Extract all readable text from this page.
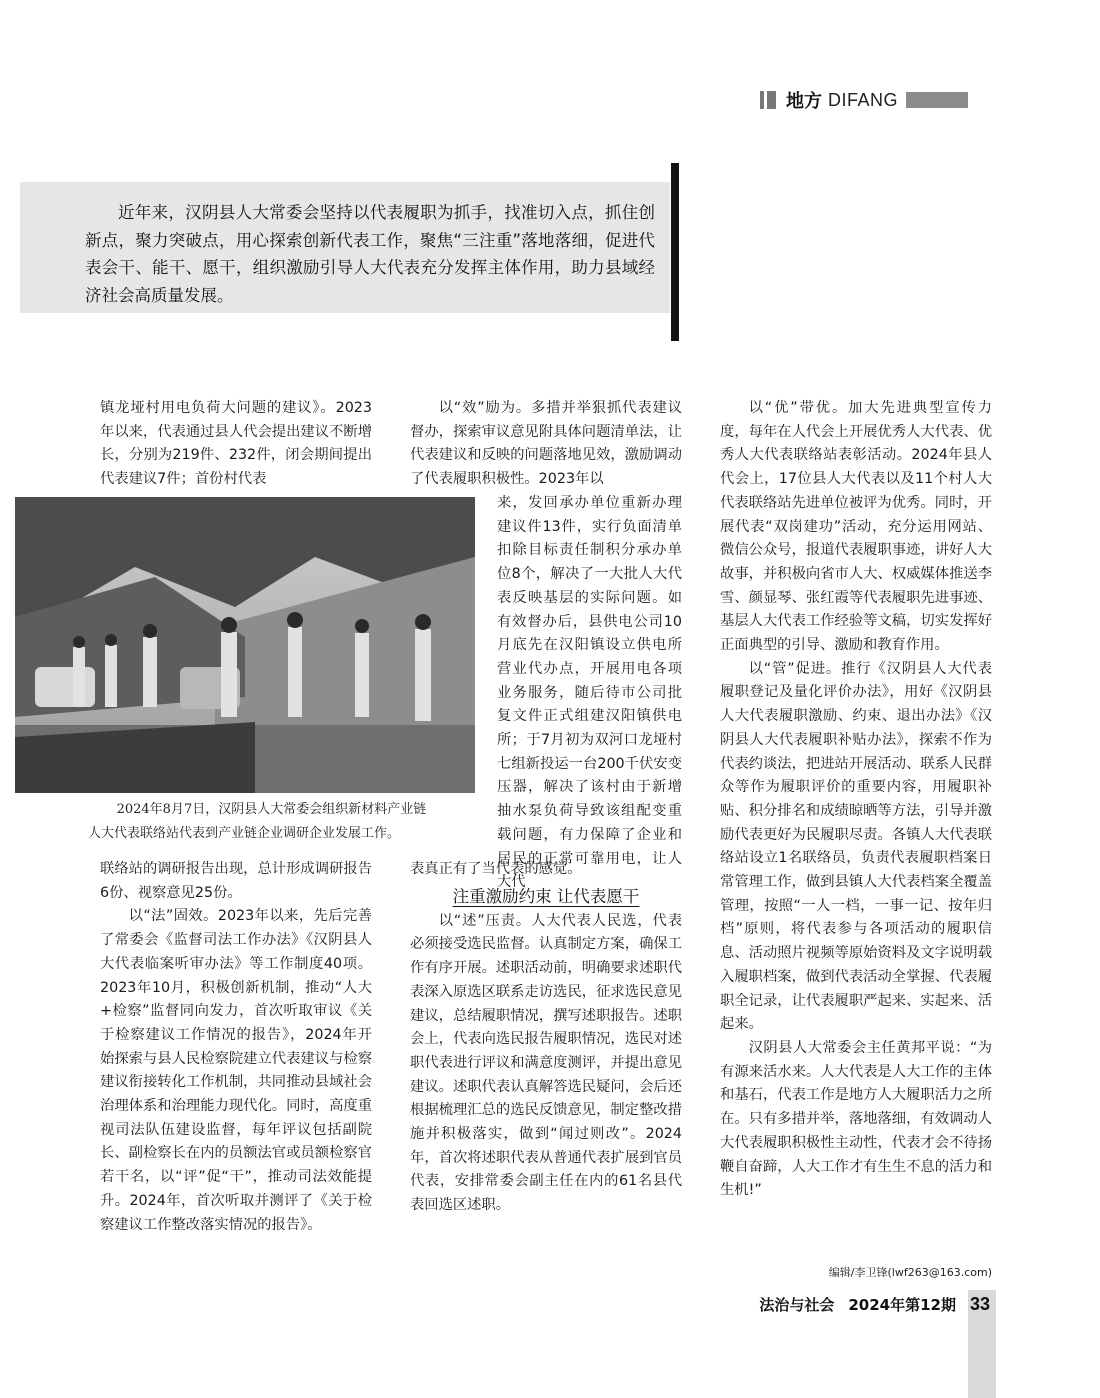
地方 DIFANG
近年来，汉阴县人大常委会坚持以代表履职为抓手，找准切入点，抓住创新点，聚力突破点，用心探索创新代表工作，聚焦“三注重”落地落细，促进代表会干、能干、愿干，组织激励引导人大代表充分发挥主体作用，助力县域经济社会高质量发展。

镇龙垭村用电负荷大问题的建议》。2023年以来，代表通过县人代会提出建议不断增长，分别为219件、232件，闭会期间提出代表建议7件；首份村代表

2024年8月7日，汉阴县人大常委会组织新材料产业链

人大代表联络站代表到产业链企业调研企业发展工作。

联络站的调研报告出现，总计形成调研报告6份、视察意见25份。

以“法”固效。2023年以来，先后完善了常委会《监督司法工作办法》《汉阴县人大代表临案听审办法》等工作制度40项。2023年10月，积极创新机制，推动“人大+检察”监督同向发力，首次听取审议《关于检察建议工作情况的报告》，2024年开始探索与县人民检察院建立代表建议与检察建议衔接转化工作机制，共同推动县域社会治理体系和治理能力现代化。同时，高度重视司法队伍建设监督，每年评议包括副院长、副检察长在内的员额法官或员额检察官若干名，以“评”促“干”，推动司法效能提升。2024年，首次听取并测评了《关于检察建议工作整改落实情况的报告》。

以“效”励为。多措并举狠抓代表建议督办，探索审议意见附具体问题清单法，让代表建议和反映的问题落地见效，激励调动了代表履职积极性。2023年以

来，发回承办单位重新办理建议件13件，实行负面清单扣除目标责任制积分承办单位8个，解决了一大批人大代表反映基层的实际问题。如有效督办后，县供电公司10月底先在汉阳镇设立供电所营业代办点，开展用电各项业务服务，随后待市公司批复文件正式组建汉阳镇供电所；于7月初为双河口龙垭村七组新投运一台200千伏安变压器，解决了该村由于新增抽水泵负荷导致该组配变重载问题，有力保障了企业和居民的正常可靠用电，让人大代

表真正有了当代表的感觉。

注重激励约束 让代表愿干

以“述”压责。人大代表人民选，代表必须接受选民监督。认真制定方案，确保工作有序开展。述职活动前，明确要求述职代表深入原选区联系走访选民，征求选民意见建议，总结履职情况，撰写述职报告。述职会上，代表向选民报告履职情况，选民对述职代表进行评议和满意度测评，并提出意见建议。述职代表认真解答选民疑问，会后还根据梳理汇总的选民反馈意见，制定整改措施并积极落实，做到“闻过则改”。2024年，首次将述职代表从普通代表扩展到官员代表，安排常委会副主任在内的61名县代表回选区述职。

以“优”带优。加大先进典型宣传力度，每年在人代会上开展优秀人大代表、优秀人大代表联络站表彰活动。2024年县人代会上，17位县人大代表以及11个村人大代表联络站先进单位被评为优秀。同时，开展代表“双岗建功”活动，充分运用网站、微信公众号，报道代表履职事迹，讲好人大故事，并积极向省市人大、权威媒体推送李雪、颜显琴、张红霞等代表履职先进事迹、基层人大代表工作经验等文稿，切实发挥好正面典型的引导、激励和教育作用。

以“管”促进。推行《汉阴县人大代表履职登记及量化评价办法》，用好《汉阴县人大代表履职激励、约束、退出办法》《汉阴县人大代表履职补贴办法》，探索不作为代表约谈法，把进站开展活动、联系人民群众等作为履职评价的重要内容，用履职补贴、积分排名和成绩晾晒等方法，引导并激励代表更好为民履职尽责。各镇人大代表联络站设立1名联络员，负责代表履职档案日常管理工作，做到县镇人大代表档案全覆盖管理，按照“一人一档，一事一记、按年归档”原则，将代表参与各项活动的履职信息、活动照片视频等原始资料及文字说明载入履职档案，做到代表活动全掌握、代表履职全记录，让代表履职严起来、实起来、活起来。

汉阴县人大常委会主任黄邦平说：“为有源来活水来。人大代表是人大工作的主体和基石，代表工作是地方人大履职活力之所在。只有多措并举，落地落细，有效调动人大代表履职积极性主动性，代表才会不待扬鞭自奋蹄，人大工作才有生生不息的活力和生机!”

编辑/李卫锋(lwf263@163.com)
法治与社会 2024年第12期 33
